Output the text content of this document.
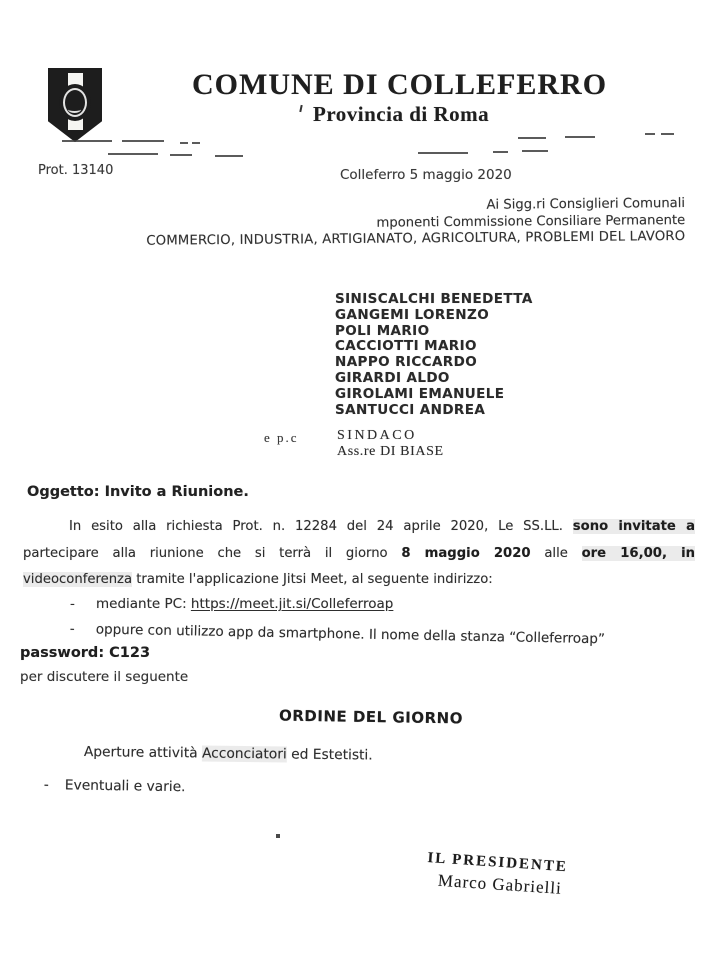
COMUNE DI COLLEFERRO
Provincia di Roma
Prot. 13140	Colleferro 5 maggio 2020
Ai Sigg.ri Consiglieri Comunali
mponenti Commissione Consiliare Permanente
COMMERCIO, INDUSTRIA, ARTIGIANATO, AGRICOLTURA, PROBLEMI DEL LAVORO
SINISCALCHI BENEDETTA
GANGEMI LORENZO
POLI MARIO
CACCIOTTI MARIO
NAPPO RICCARDO
GIRARDI ALDO
GIROLAMI EMANUELE
SANTUCCI ANDREA
e p.c	SINDACO
Ass.re DI BIASE
Oggetto: Invito a Riunione.
In esito alla richiesta Prot. n. 12284 del 24 aprile 2020, Le SS.LL. sono invitate a
partecipare alla riunione che si terrà il giorno 8 maggio 2020 alle ore 16,00, in
videoconferenza tramite l'applicazione Jitsi Meet, al seguente indirizzo:
- mediante PC: https://meet.jit.si/Colleferroap
- oppure con utilizzo app da smartphone. Il nome della stanza “Colleferroap”
password: C123
per discutere il seguente
ORDINE DEL GIORNO
Aperture attività Acconciatori ed Estetisti.
- Eventuali e varie.
IL PRESIDENTE
Marco Gabrielli
